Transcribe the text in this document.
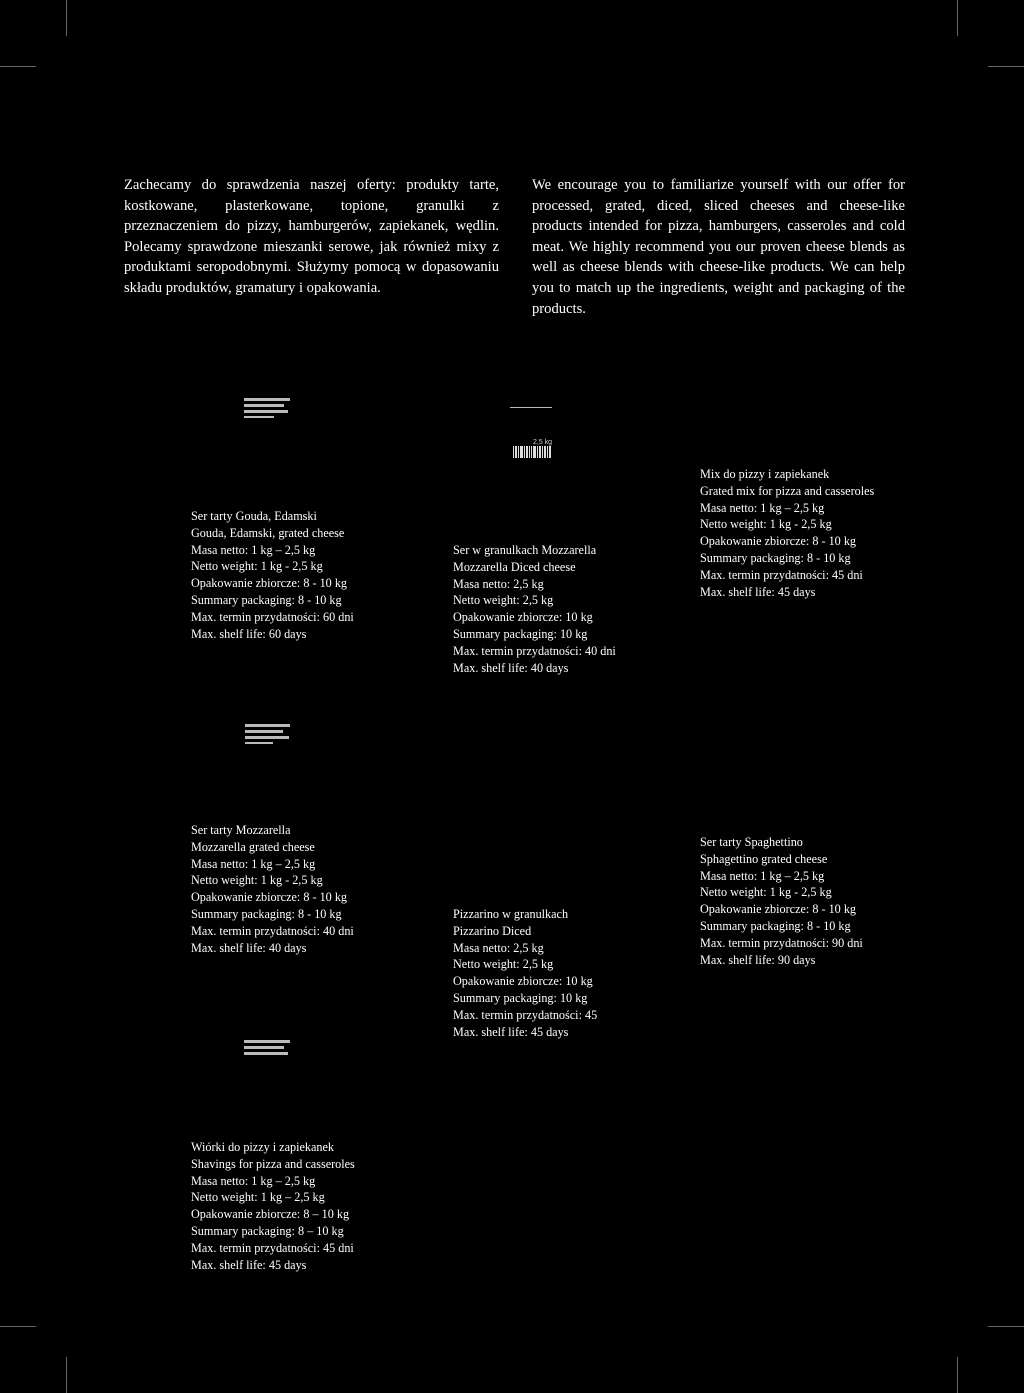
Zachecamy do sprawdzenia naszej oferty: produkty tarte, kostkowane, plasterkowane, topione, granulki z przeznaczeniem do pizzy, hamburgerów, zapiekanek, wędlin. Polecamy sprawdzone mieszanki serowe, jak również mixy z produktami seropodobnymi. Służymy pomocą w dopasowaniu składu produktów, gramatury i opakowania.

We encourage you to familiarize yourself with our offer for processed, grated, diced, sliced cheeses and cheese-like products intended for pizza, hamburgers, casseroles and cold meat. We highly recommend you our proven cheese blends as well as cheese blends with cheese-like products. We can help you to match up the ingredients, weight and packaging of the products.

2,5 kg
Ser tarty Gouda, Edamski
Gouda, Edamski, grated cheese
Masa netto: 1 kg – 2,5 kg
Netto weight: 1 kg - 2,5 kg
Opakowanie zbiorcze: 8 - 10 kg
Summary packaging: 8 - 10 kg
Max. termin przydatności: 60 dni
Max. shelf life: 60 days
Ser w granulkach Mozzarella
Mozzarella Diced cheese
Masa netto: 2,5 kg
Netto weight: 2,5 kg
Opakowanie zbiorcze: 10 kg
Summary packaging: 10 kg
Max. termin przydatności: 40 dni
Max. shelf life: 40 days
Mix do pizzy i zapiekanek
Grated mix for pizza and casseroles
Masa netto: 1 kg – 2,5 kg
Netto weight: 1 kg - 2,5 kg
Opakowanie zbiorcze: 8 - 10 kg
Summary packaging: 8 - 10 kg
Max. termin przydatności: 45 dni
Max. shelf life: 45 days
Ser tarty Mozzarella
Mozzarella grated cheese
Masa netto: 1 kg – 2,5 kg
Netto weight: 1 kg - 2,5 kg
Opakowanie zbiorcze: 8 - 10 kg
Summary packaging: 8 - 10 kg
Max. termin przydatności: 40 dni
Max. shelf life: 40 days
Pizzarino w granulkach
Pizzarino Diced
Masa netto: 2,5 kg
Netto weight: 2,5 kg
Opakowanie zbiorcze: 10 kg
Summary packaging: 10 kg
Max. termin przydatności: 45
Max. shelf life: 45 days
Ser tarty Spaghettino
Sphagettino grated cheese
Masa netto: 1 kg – 2,5 kg
Netto weight: 1 kg - 2,5 kg
Opakowanie zbiorcze: 8 - 10 kg
Summary packaging: 8 - 10 kg
Max. termin przydatności: 90 dni
Max. shelf life: 90 days
Wiórki do pizzy i zapiekanek
Shavings for pizza and casseroles
Masa netto: 1 kg – 2,5 kg
Netto weight: 1 kg – 2,5 kg
Opakowanie zbiorcze: 8 – 10 kg
Summary packaging: 8 – 10 kg
Max. termin przydatności: 45 dni
Max. shelf life: 45 days
